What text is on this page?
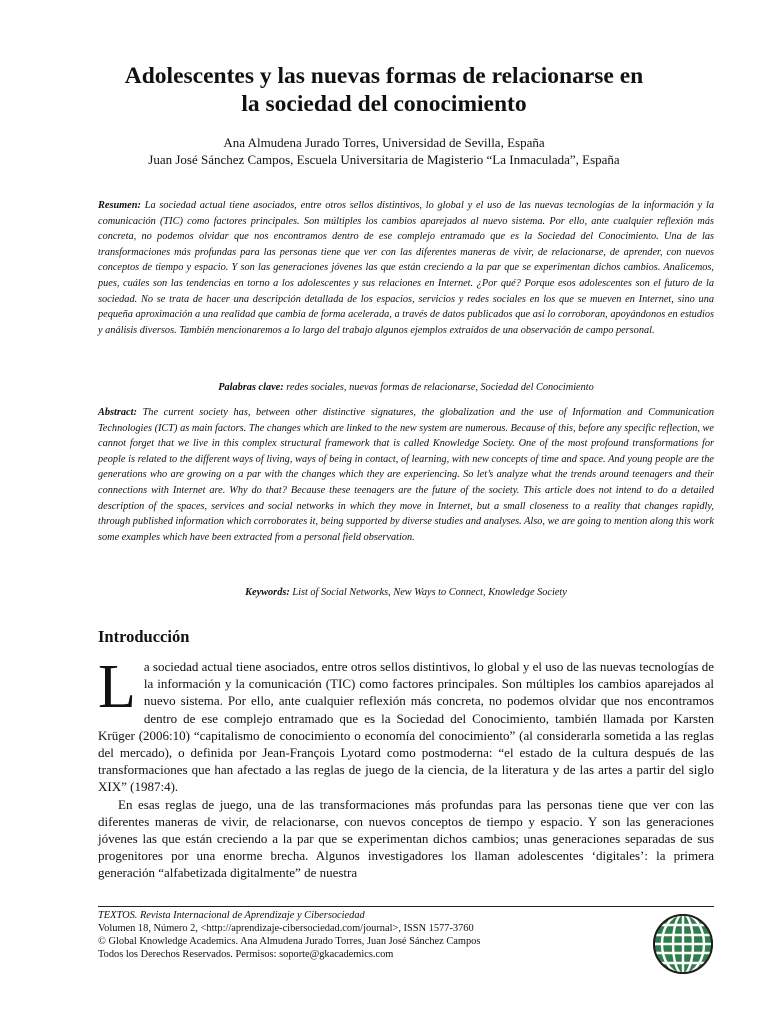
Adolescentes y las nuevas formas de relacionarse en
la sociedad del conocimiento
Ana Almudena Jurado Torres, Universidad de Sevilla, España
Juan José Sánchez Campos, Escuela Universitaria de Magisterio “La Inmaculada”, España
Resumen: La sociedad actual tiene asociados, entre otros sellos distintivos, lo global y el uso de las nuevas tecnologías de la información y la comunicación (TIC) como factores principales. Son múltiples los cambios aparejados al nuevo sistema. Por ello, ante cualquier reflexión más concreta, no podemos olvidar que nos encontramos dentro de ese complejo entramado que es la Sociedad del Conocimiento. Una de las transformaciones más profundas para las personas tiene que ver con las diferentes maneras de vivir, de relacionarse, de aprender, con nuevos conceptos de tiempo y espacio. Y son las generaciones jóvenes las que están creciendo a la par que se experimentan dichos cambios. Analicemos, pues, cuáles son las tendencias en torno a los adolescentes y sus relaciones en Internet. ¿Por qué? Porque esos adolescentes son el futuro de la sociedad. No se trata de hacer una descripción detallada de los espacios, servicios y redes sociales en los que se mueven en Internet, sino una pequeña aproximación a una realidad que cambia de forma acelerada, a través de datos publicados que así lo corroboran, apoyándonos en estudios y análisis diversos. También mencionaremos a lo largo del trabajo algunos ejemplos extraídos de una observación de campo personal.
Palabras clave: redes sociales, nuevas formas de relacionarse, Sociedad del Conocimiento
Abstract: The current society has, between other distinctive signatures, the globalization and the use of Information and Communication Technologies (ICT) as main factors. The changes which are linked to the new system are numerous. Because of this, before any specific reflection, we cannot forget that we live in this complex structural framework that is called Knowledge Society. One of the most profound transformations for people is related to the different ways of living, ways of being in contact, of learning, with new concepts of time and space. And young people are the generations who are growing on a par with the changes which they are experiencing. So let’s analyze what the trends around teenagers and their connections with Internet are. Why do that? Because these teenagers are the future of the society. This article does not intend to do a detailed description of the spaces, services and social networks in which they move in Internet, but a small closeness to a reality that changes rapidly, through published information which corroborates it, being supported by diverse studies and analyses. Also, we are going to mention along this work some examples which have been extracted from a personal field observation.
Keywords: List of Social Networks, New Ways to Connect, Knowledge Society
Introducción

L a sociedad actual tiene asociados, entre otros sellos distintivos, lo global y el uso de las nuevas tecnologías de la información y la comunicación (TIC) como factores principales. Son múltiples los cambios aparejados al nuevo sistema. Por ello, ante cualquier reflexión más concreta, no podemos olvidar que nos encontramos dentro de ese complejo entramado que es la Sociedad del Conocimiento, también llamada por Karsten Krüger (2006:10) “capitalismo de conocimiento o economía del conocimiento” (al considerarla sometida a las reglas del mercado), o definida por Jean-François Lyotard como postmoderna: “el estado de la cultura después de las transformaciones que han afectado a las reglas de juego de la ciencia, de la literatura y de las artes a partir del siglo XIX” (1987:4).

En esas reglas de juego, una de las transformaciones más profundas para las personas tiene que ver con las diferentes maneras de vivir, de relacionarse, con nuevos conceptos de tiempo y espacio. Y son las generaciones jóvenes las que están creciendo a la par que se experimentan dichos cambios; unas generaciones separadas de sus progenitores por una enorme brecha. Algunos investigadores los llaman adolescentes ‘digitales’: la primera generación “alfabetizada digitalmente” de nuestra

TEXTOS. Revista Internacional de Aprendizaje y Cibersociedad
Volumen 18, Número 2, <http://aprendizaje-cibersociedad.com/journal>, ISSN 1577-3760
© Global Knowledge Academics. Ana Almudena Jurado Torres, Juan José Sánchez Campos
Todos los Derechos Reservados. Permisos: soporte@gkacademics.com
